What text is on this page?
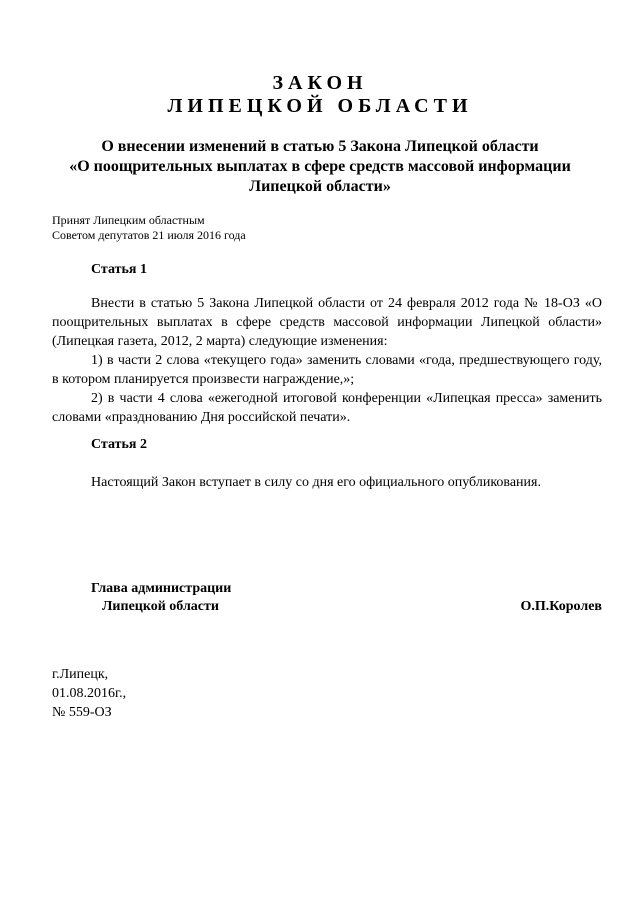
ЗАКОН
ЛИПЕЦКОЙ ОБЛАСТИ
О внесении изменений в статью 5 Закона Липецкой области
«О поощрительных выплатах в сфере средств массовой информации
Липецкой области»
Принят Липецким областным
Советом депутатов 21 июля 2016 года
Статья 1

Внести в статью 5 Закона Липецкой области от 24 февраля 2012 года № 18-ОЗ «О поощрительных выплатах в сфере средств массовой информации Липецкой области» (Липецкая газета, 2012, 2 марта) следующие изменения:

1) в части 2 слова «текущего года» заменить словами «года, предшествующего году, в котором планируется произвести награждение,»;

2) в части 4 слова «ежегодной итоговой конференции «Липецкая пресса» заменить словами «празднованию Дня российской печати».

Статья 2

Настоящий Закон вступает в силу со дня его официального опубликования.

Глава администрации
Липецкой области	О.П.Королев
г.Липецк,
01.08.2016г.,
№ 559-ОЗ
